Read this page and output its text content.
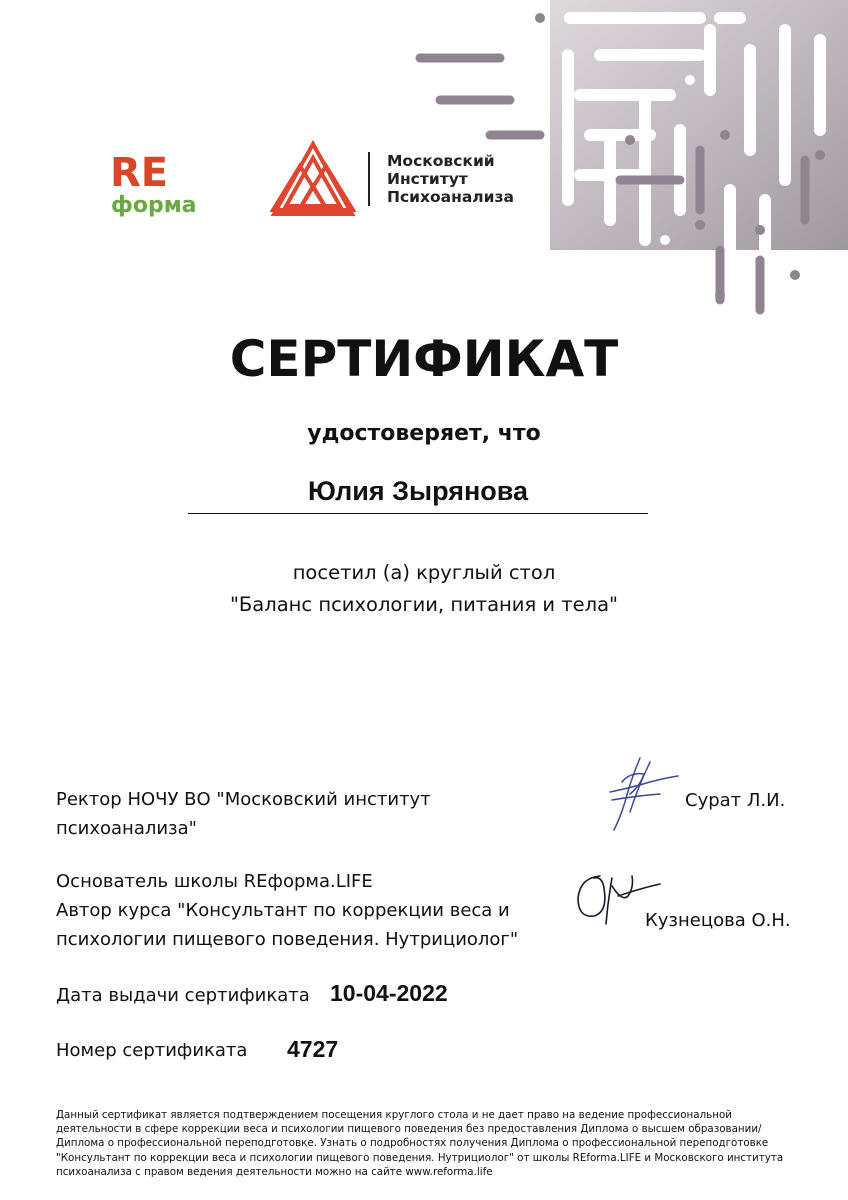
RE
форма
Московский
Институт
Психоанализа
СЕРТИФИКАТ
удостоверяет, что
Юлия Зырянова
посетил (а) круглый стол
"Баланс психологии, питания и тела"
Ректор НОЧУ ВО "Московский институт
психоанализа"
Сурат Л.И.
Основатель школы REформа.LIFE
Автор курса "Консультант по коррекции веса и
психологии пищевого поведения. Нутрициолог"
Кузнецова О.Н.
Дата выдачи сертификата 10-04-2022
Номер сертификата 4727
Данный сертификат является подтверждением посещения круглого стола и не дает право на ведение профессиональной
деятельности в сфере коррекции веса и психологии пищевого поведения без предоставления Диплома о высшем образовании/
Диплома о профессиональной переподготовке. Узнать о подробностях получения Диплома о профессиональной переподготовке
"Консультант по коррекции веса и психологии пищевого поведения. Нутрициолог" от школы REforma.LIFE и Московского института
психоанализа с правом ведения деятельности можно на сайте www.reforma.life
